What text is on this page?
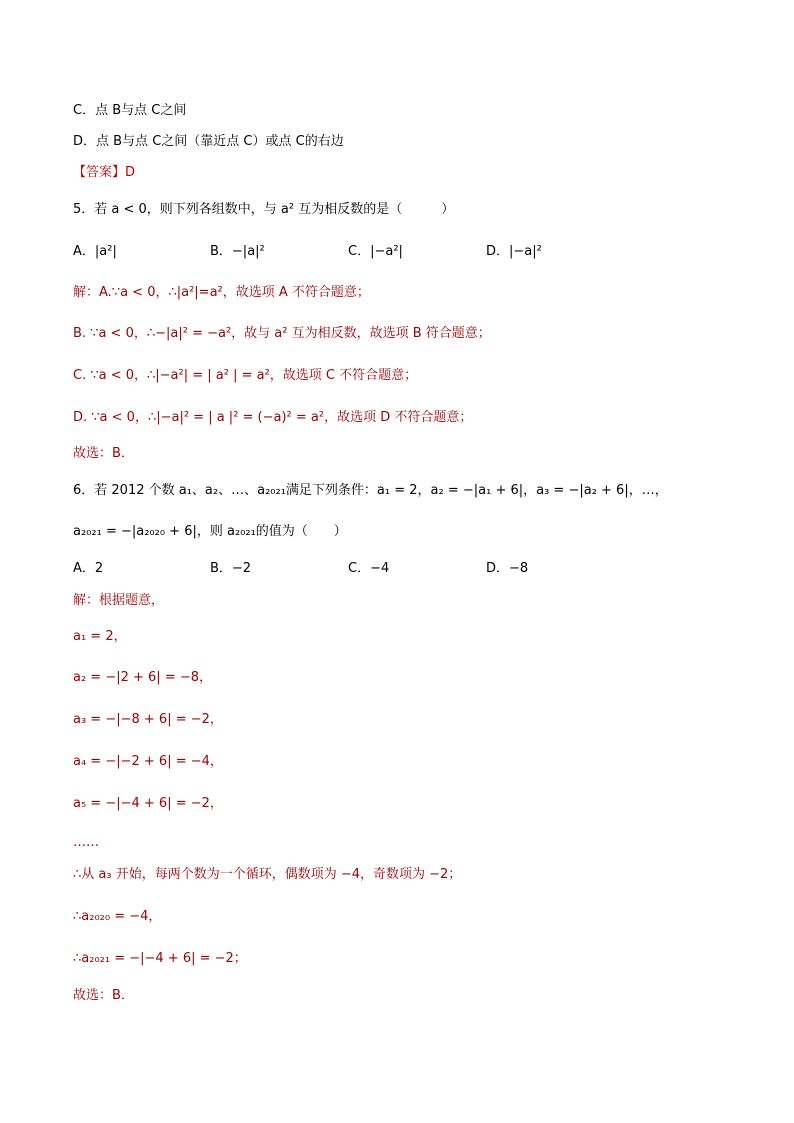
C．点 B与点 C之间
D．点 B与点 C之间（靠近点 C）或点 C的右边
【答案】D
5．若 a < 0，则下列各组数中，与 a² 互为相反数的是（　　　）
A．|a²|	B．−|a|²	C．|−a²|	D．|−a|²
解：A.∵a < 0，∴|a²|=a²，故选项 A 不符合题意；
B. ∵a < 0，∴−|a|² = −a²，故与 a² 互为相反数，故选项 B 符合题意；
C. ∵a < 0，∴|−a²| = | a² | = a²，故选项 C 不符合题意；
D. ∵a < 0，∴|−a|² = | a |² = (−a)² = a²，故选项 D 不符合题意；
故选：B．
6．若 2012 个数 a₁、a₂、…、a₂₀₂₁满足下列条件：a₁ = 2，a₂ = −|a₁ + 6|，a₃ = −|a₂ + 6|，…，
a₂₀₂₁ = −|a₂₀₂₀ + 6|，则 a₂₀₂₁的值为（　　）
A．2	B．−2	C．−4	D．−8
解：根据题意，
a₁ = 2，
a₂ = −|2 + 6| = −8，
a₃ = −|−8 + 6| = −2，
a₄ = −|−2 + 6| = −4，
a₅ = −|−4 + 6| = −2，
……
∴从 a₃ 开始，每两个数为一个循环，偶数项为 −4，奇数项为 −2；
∴a₂₀₂₀ = −4，
∴a₂₀₂₁ = −|−4 + 6| = −2；
故选：B．
